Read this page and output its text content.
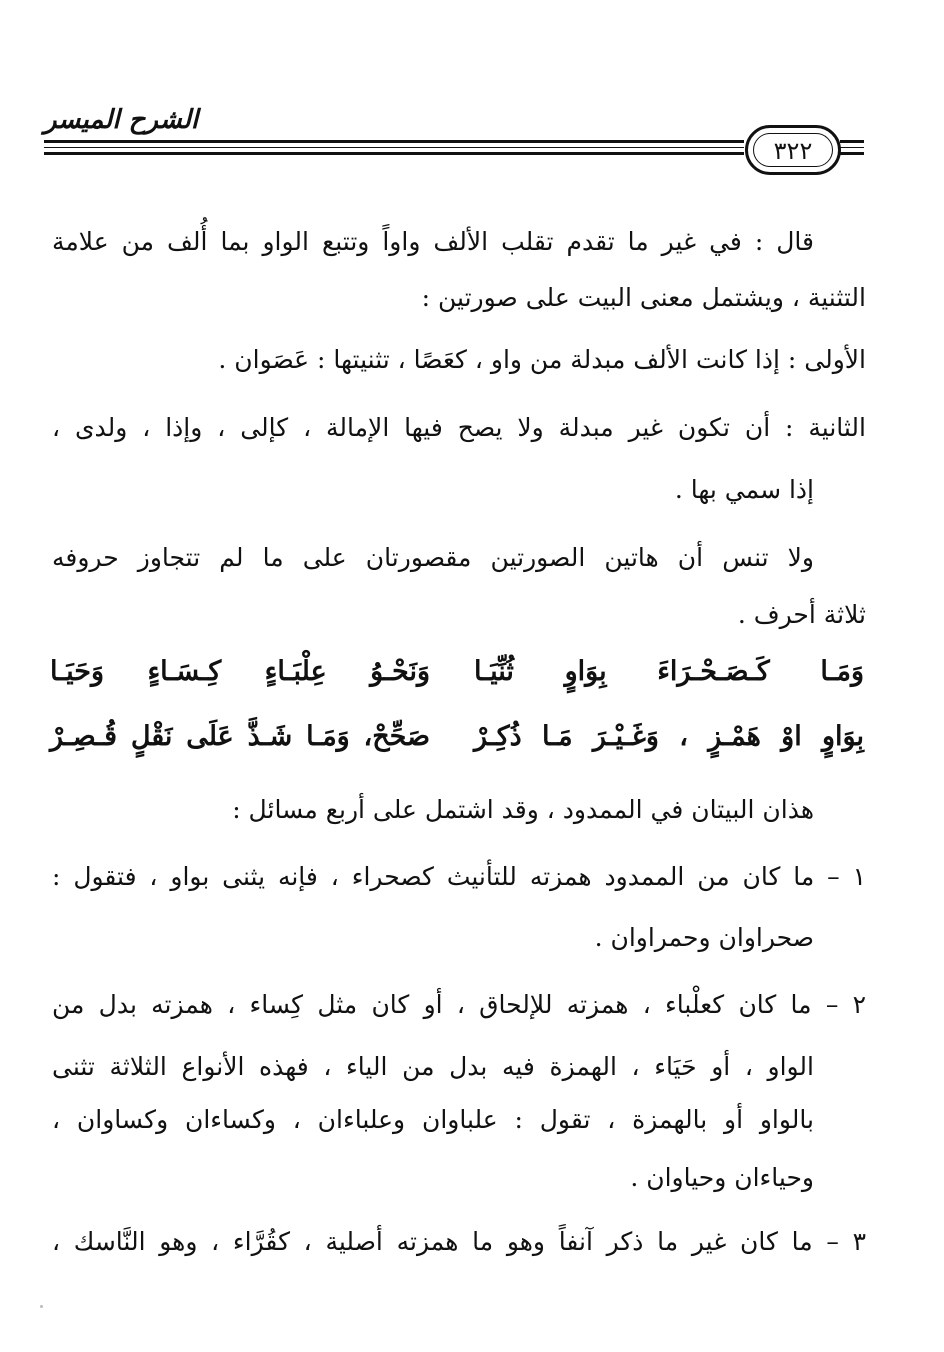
الشرح الميسر
٣٢٢
قال : في غير ما تقدم تقلب الألف واواً وتتبع الواو بما أُلف من علامة
التثنية ، ويشتمل معنى البيت على صورتين :
الأولى : إذا كانت الألف مبدلة من واو ، كعَصًا ، تثنيتها : عَصَوان .
الثانية : أن تكون غير مبدلة ولا يصح فيها الإمالة ، كإلى ، وإذا ، ولدى ،
إذا سمي بها .
ولا تنس أن هاتين الصورتين مقصورتان على ما لم تتجاوز حروفه
ثلاثة أحرف .
وَمَـا كَـصَـحْـرَاءَ بِوَاوٍ ثُنِّيَـا
وَنَحْـوُ عِلْبَـاءٍ كِـسَـاءٍ وَحَيَـا
بِوَاوٍ اوْ هَمْـزٍ ، وَغَـيْـرَ مَـا ذُكِـرْ
صَحِّحْ، وَمَـا شَـذَّ عَلَى نَقْلٍ قُـصِـرْ
هذان البيتان في الممدود ، وقد اشتمل على أربع مسائل :
١ – ما كان من الممدود همزته للتأنيث كصحراء ، فإنه يثنى بواو ، فتقول :
صحراوان وحمراوان .
٢ – ما كان كعلْباء ، همزته للإلحاق ، أو كان مثل كِساء ، همزته بدل من
الواو ، أو حَيَاء ، الهمزة فيه بدل من الياء ، فهذه الأنواع الثلاثة تثنى
بالواو أو بالهمزة ، تقول : علباوان وعلباءان ، وكساءان وكساوان ،
وحياءان وحياوان .
٣ – ما كان غير ما ذكر آنفاً وهو ما همزته أصلية ، كقُرَّاء ، وهو النَّاسك ،
